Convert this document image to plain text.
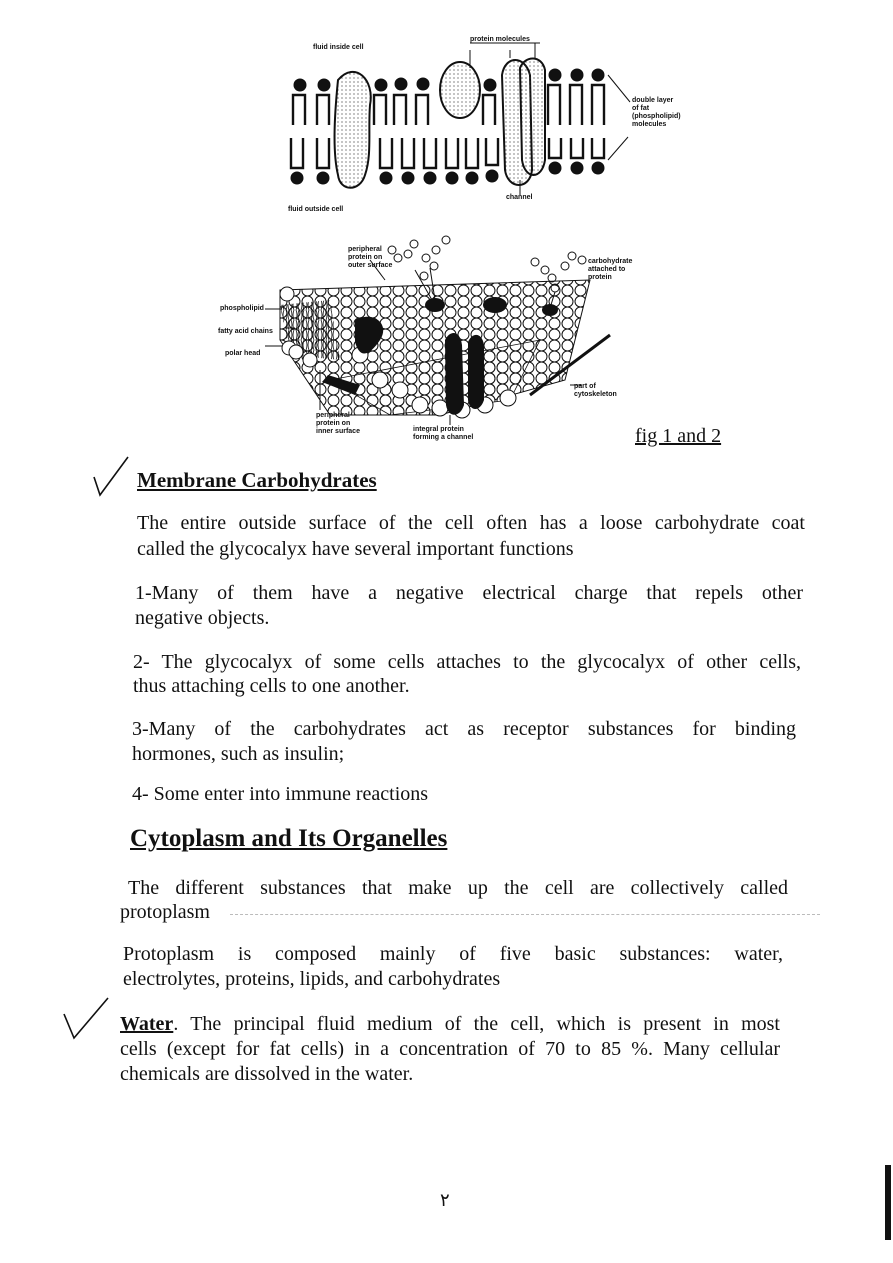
fluid inside cell
protein molecules
double layer
of fat
(phospholipid)
molecules
channel
fluid outside cell
peripheral
protein on
outer surface
carbohydrate
attached to
protein
phospholipid
fatty acid chains
polar head
part of
cytoskeleton
peripheral
protein on
inner surface	integral protein
forming a channel	fig 1 and 2
Membrane Carbohydrates
The entire outside surface of the cell often has a loose carbohydrate coat
called the glycocalyx have several important functions
1-Many of them have a negative electrical charge that repels other
negative objects.
2- The glycocalyx of some cells attaches to the glycocalyx of other cells,
thus attaching cells to one another.
3-Many of the carbohydrates act as receptor substances for binding
hormones, such as insulin;
4- Some enter into immune reactions
Cytoplasm and Its Organelles
The different substances that make up the cell are collectively called
protoplasm
Protoplasm is composed mainly of five basic substances: water,
electrolytes, proteins, lipids, and carbohydrates
Water. The principal fluid medium of the cell, which is present in most
cells (except for fat cells) in a concentration of 70 to 85 %. Many cellular
chemicals are dissolved in the water.
٢
